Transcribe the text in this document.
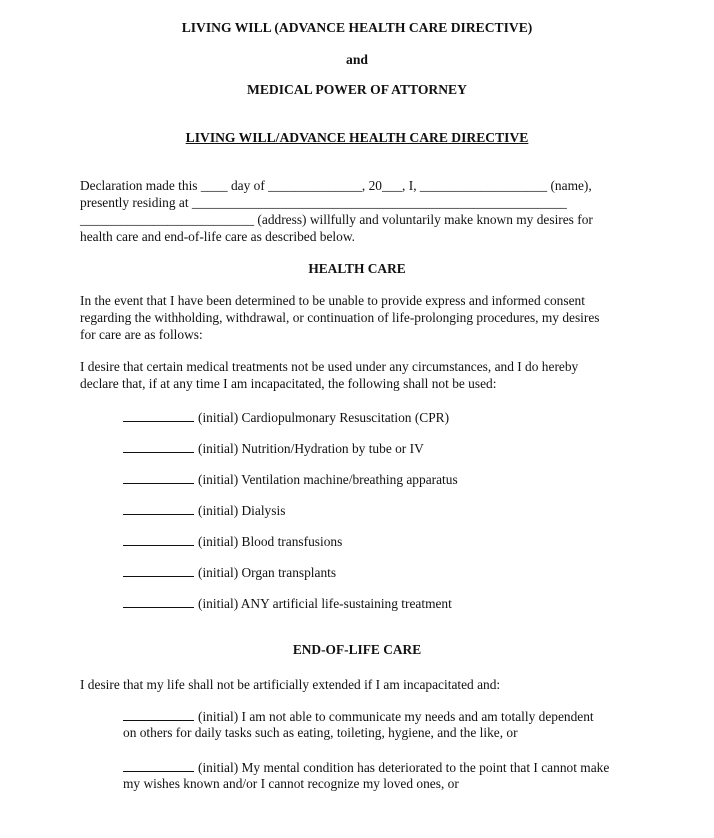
LIVING WILL (ADVANCE HEALTH CARE DIRECTIVE)
and
MEDICAL POWER OF ATTORNEY
LIVING WILL/ADVANCE HEALTH CARE DIRECTIVE
Declaration made this ____ day of ______________, 20___, I, ___________________ (name),
presently residing at ________________________________________________________
__________________________ (address) willfully and voluntarily make known my desires for
health care and end-of-life care as described below.
HEALTH CARE
In the event that I have been determined to be unable to provide express and informed consent
regarding the withholding, withdrawal, or continuation of life-prolonging procedures, my desires
for care are as follows:
I desire that certain medical treatments not be used under any circumstances, and I do hereby
declare that, if at any time I am incapacitated, the following shall not be used:
(initial) Cardiopulmonary Resuscitation (CPR)
(initial) Nutrition/Hydration by tube or IV
(initial) Ventilation machine/breathing apparatus
(initial) Dialysis
(initial) Blood transfusions
(initial) Organ transplants
(initial) ANY artificial life-sustaining treatment
END-OF-LIFE CARE
I desire that my life shall not be artificially extended if I am incapacitated and:
(initial) I am not able to communicate my needs and am totally dependent
on others for daily tasks such as eating, toileting, hygiene, and the like, or
(initial) My mental condition has deteriorated to the point that I cannot make
my wishes known and/or I cannot recognize my loved ones, or
